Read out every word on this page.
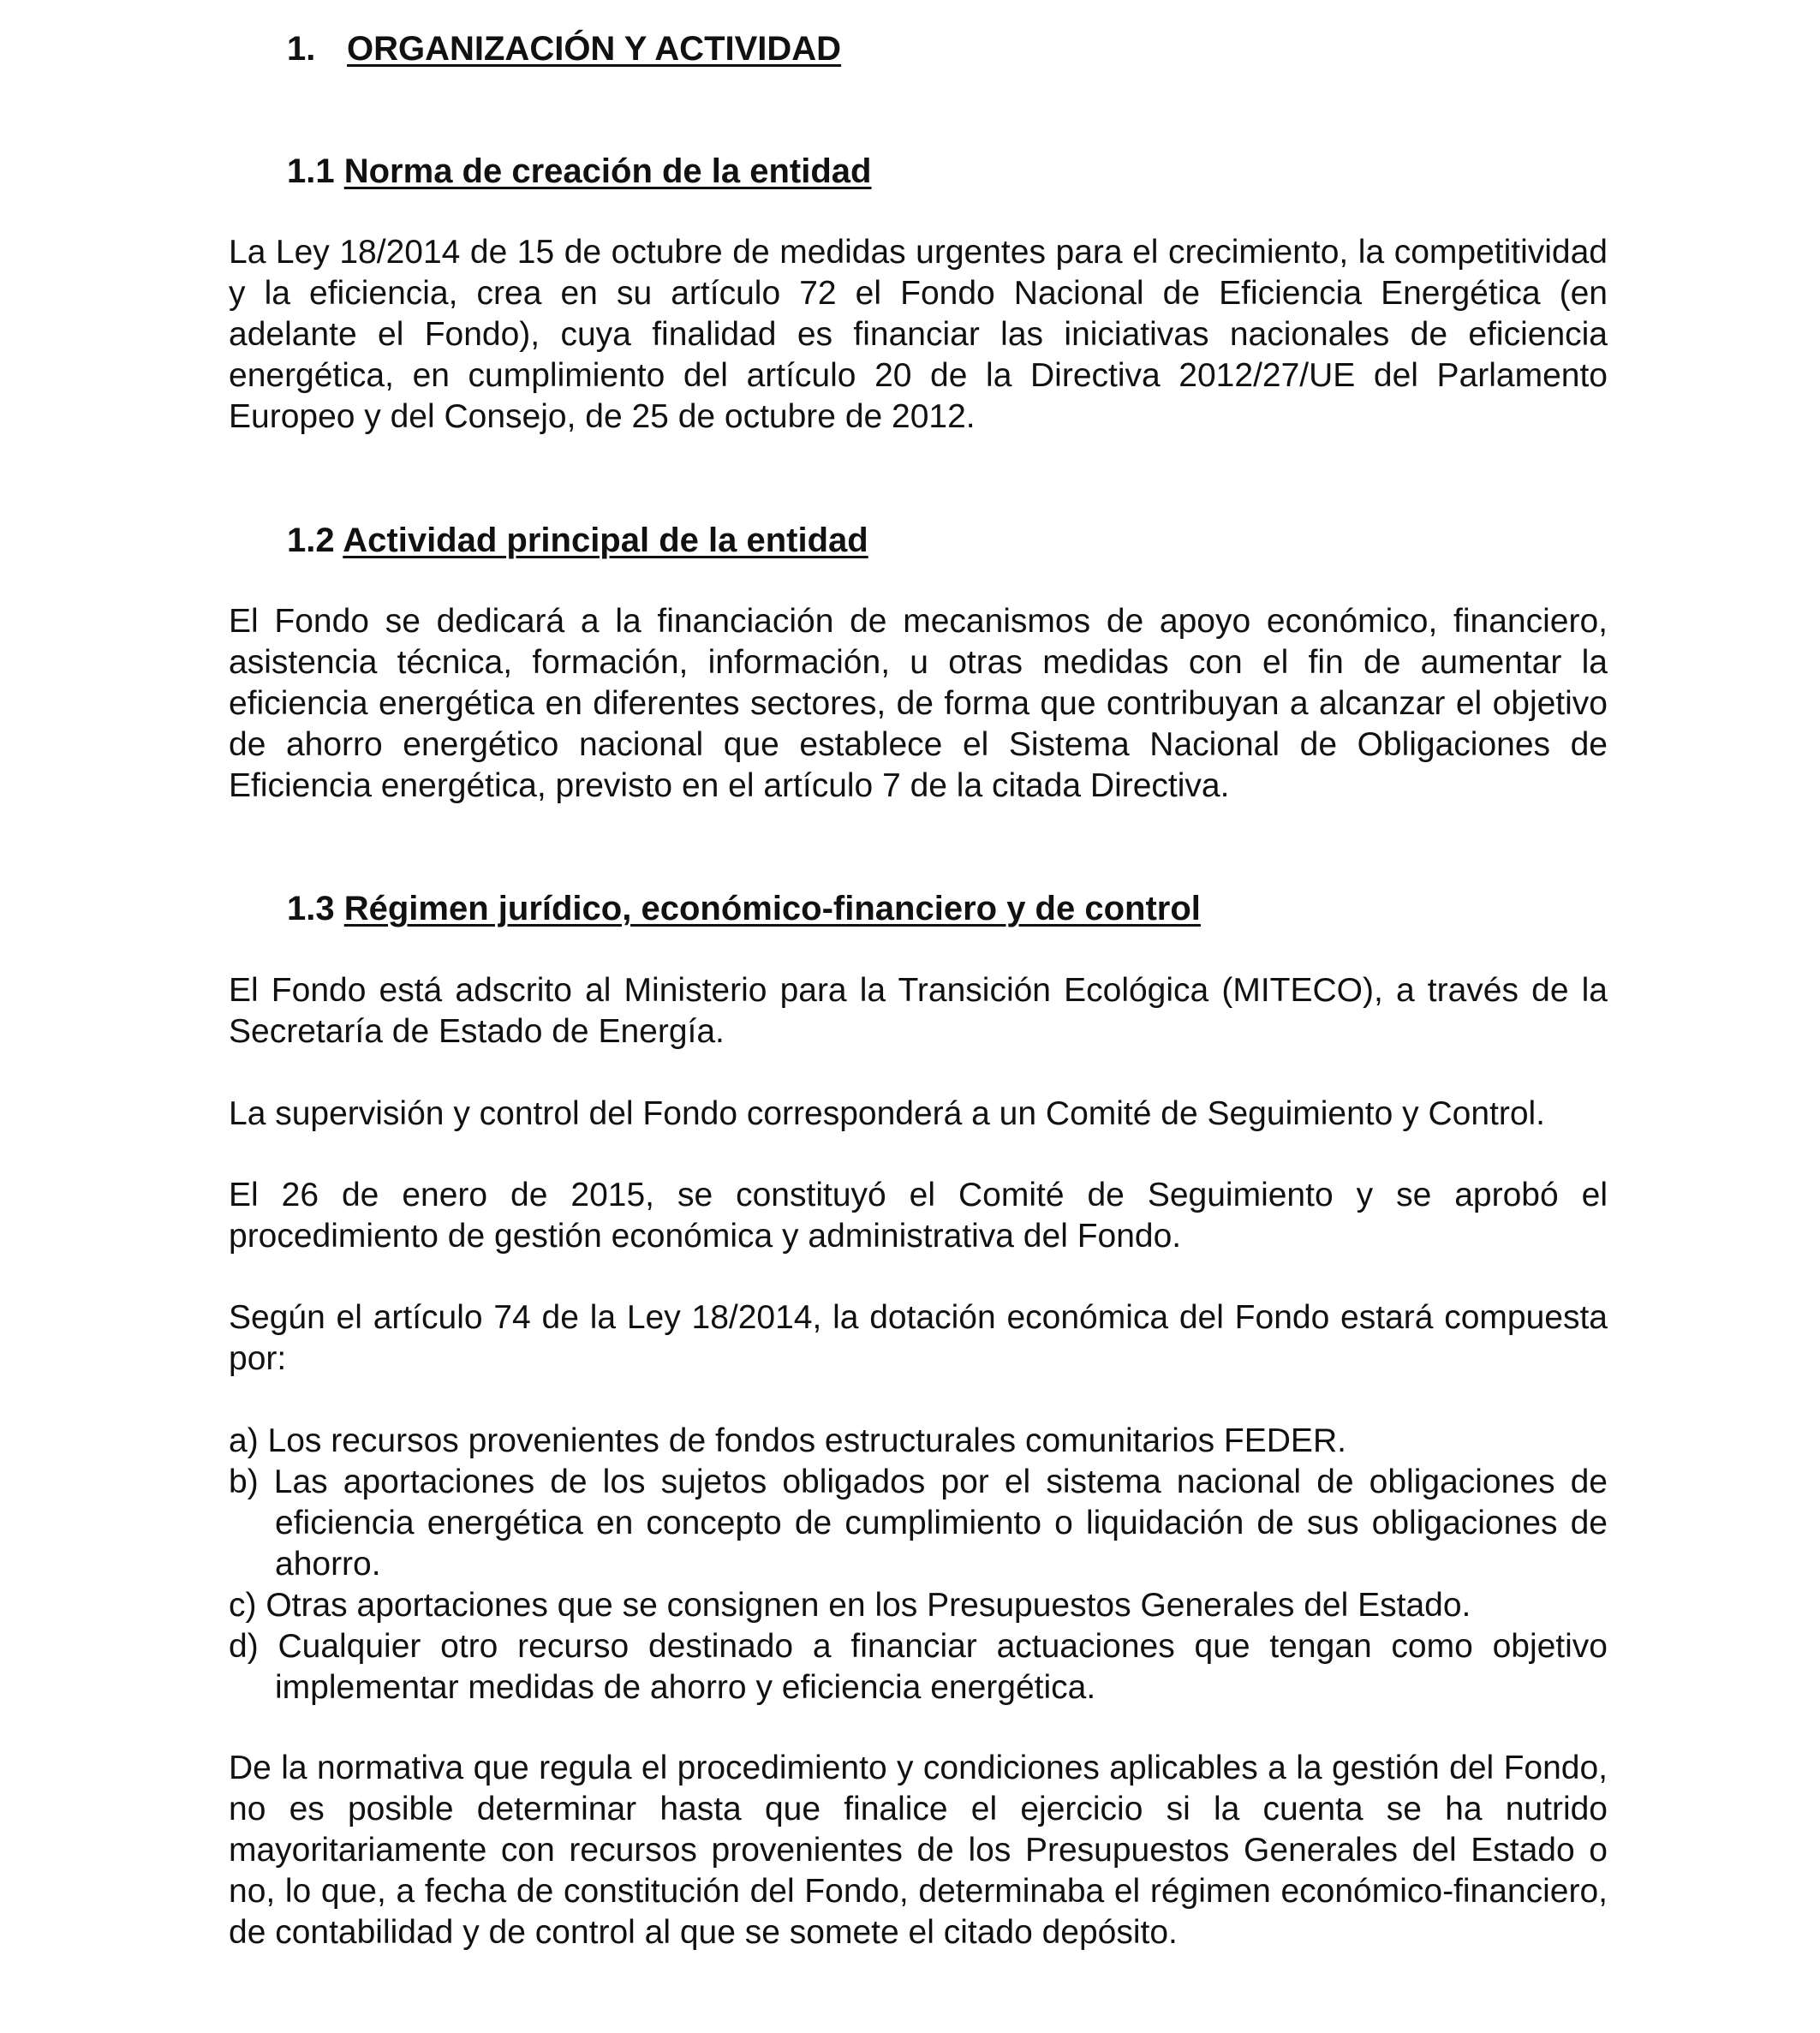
1. ORGANIZACIÓN Y ACTIVIDAD
1.1 Norma de creación de la entidad
La Ley 18/2014 de 15 de octubre de medidas urgentes para el crecimiento, la competitividad y la eficiencia, crea en su artículo 72 el Fondo Nacional de Eficiencia Energética (en adelante el Fondo), cuya finalidad es financiar las iniciativas nacionales de eficiencia energética, en cumplimiento del artículo 20 de la Directiva 2012/27/UE del Parlamento Europeo y del Consejo, de 25 de octubre de 2012.
1.2 Actividad principal de la entidad
El Fondo se dedicará a la financiación de mecanismos de apoyo económico, financiero, asistencia técnica, formación, información, u otras medidas con el fin de aumentar la eficiencia energética en diferentes sectores, de forma que contribuyan a alcanzar el objetivo de ahorro energético nacional que establece el Sistema Nacional de Obligaciones de Eficiencia energética, previsto en el artículo 7 de la citada Directiva.
1.3 Régimen jurídico, económico-financiero y de control
El Fondo está adscrito al Ministerio para la Transición Ecológica (MITECO), a través de la Secretaría de Estado de Energía.
La supervisión y control del Fondo corresponderá a un Comité de Seguimiento y Control.
El 26 de enero de 2015, se constituyó el Comité de Seguimiento y se aprobó el procedimiento de gestión económica y administrativa del Fondo.
Según el artículo 74 de la Ley 18/2014, la dotación económica del Fondo estará compuesta por:
a) Los recursos provenientes de fondos estructurales comunitarios FEDER.
b) Las aportaciones de los sujetos obligados por el sistema nacional de obligaciones de eficiencia energética en concepto de cumplimiento o liquidación de sus obligaciones de ahorro.
c) Otras aportaciones que se consignen en los Presupuestos Generales del Estado.
d) Cualquier otro recurso destinado a financiar actuaciones que tengan como objetivo implementar medidas de ahorro y eficiencia energética.
De la normativa que regula el procedimiento y condiciones aplicables a la gestión del Fondo, no es posible determinar hasta que finalice el ejercicio si la cuenta se ha nutrido mayoritariamente con recursos provenientes de los Presupuestos Generales del Estado o no, lo que, a fecha de constitución del Fondo, determinaba el régimen económico-financiero, de contabilidad y de control al que se somete el citado depósito.
